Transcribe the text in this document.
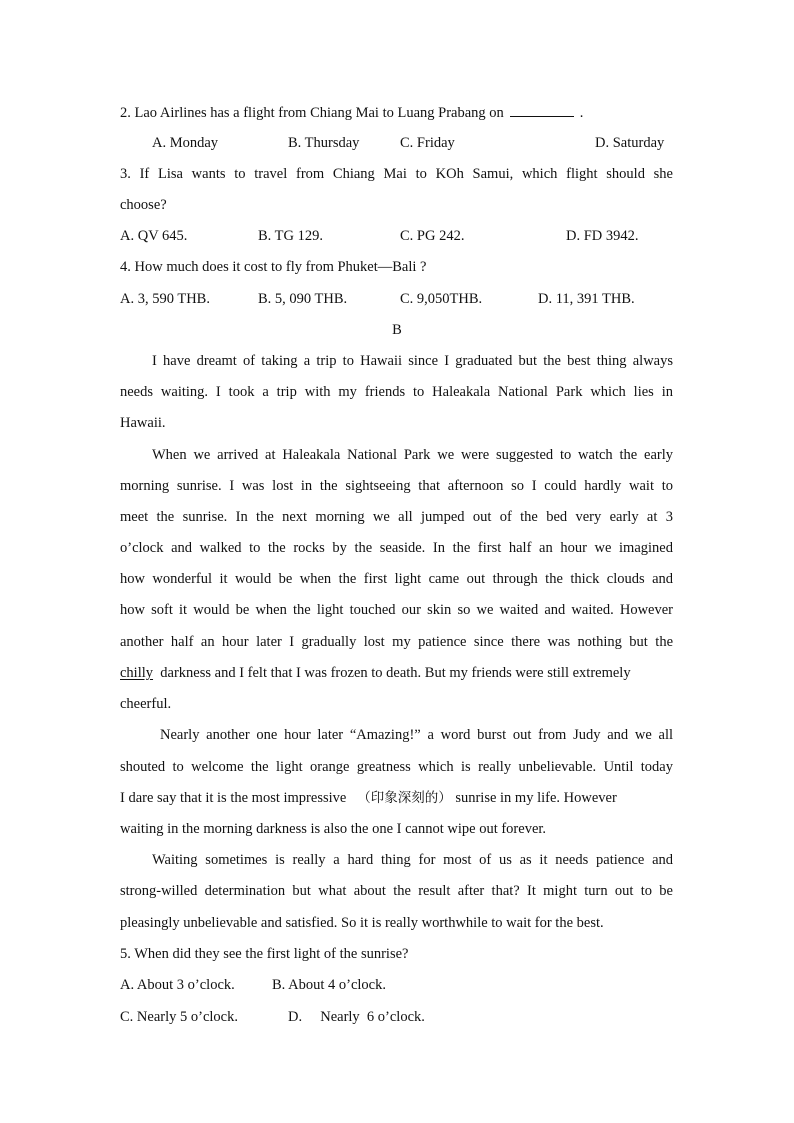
2. Lao Airlines has a flight from Chiang Mai to Luang Prabang on	.
A. Monday	B. Thursday	C. Friday	D. Saturday
3. If Lisa wants to travel from Chiang Mai to KOh Samui, which flight should she
choose?
A. QV 645.	B. TG 129.	C. PG 242.	D. FD 3942.
4. How much does it cost to fly from Phuket—Bali ?
A. 3, 590 THB.	B. 5, 090 THB.	C. 9,050THB.	D. 11, 391 THB.
B
I have dreamt of taking a trip to Hawaii since I graduated but the best thing always
needs waiting. I took a trip with my friends to Haleakala National Park which lies in
Hawaii.
When we arrived at Haleakala National Park we were suggested to watch the early
morning sunrise. I was lost in the sightseeing that afternoon so I could hardly wait to
meet the sunrise. In the next morning we all jumped out of the bed very early at 3
o’clock and walked to the rocks by the seaside. In the first half an hour we imagined
how wonderful it would be when the first light came out through the thick clouds and
how soft it would be when the light touched our skin so we waited and waited. However
another half an hour later I gradually lost my patience since there was nothing but the
chilly darkness and I felt that I was frozen to death. But my friends were still extremely
cheerful.
Nearly another one hour later “Amazing!” a word burst out from Judy and we all
shouted to welcome the light orange greatness which is really unbelievable. Until today
I dare say that it is the most impressive （印象深刻的） sunrise in my life. However
waiting in the morning darkness is also the one I cannot wipe out forever.
Waiting sometimes is really a hard thing for most of us as it needs patience and
strong-willed determination but what about the result after that? It might turn out to be
pleasingly unbelievable and satisfied. So it is really worthwhile to wait for the best.
5. When did they see the first light of the sunrise?
A. About 3 o’clock.	B. About 4 o’clock.
C. Nearly 5 o’clock.	D.     Nearly  6 o’clock.
